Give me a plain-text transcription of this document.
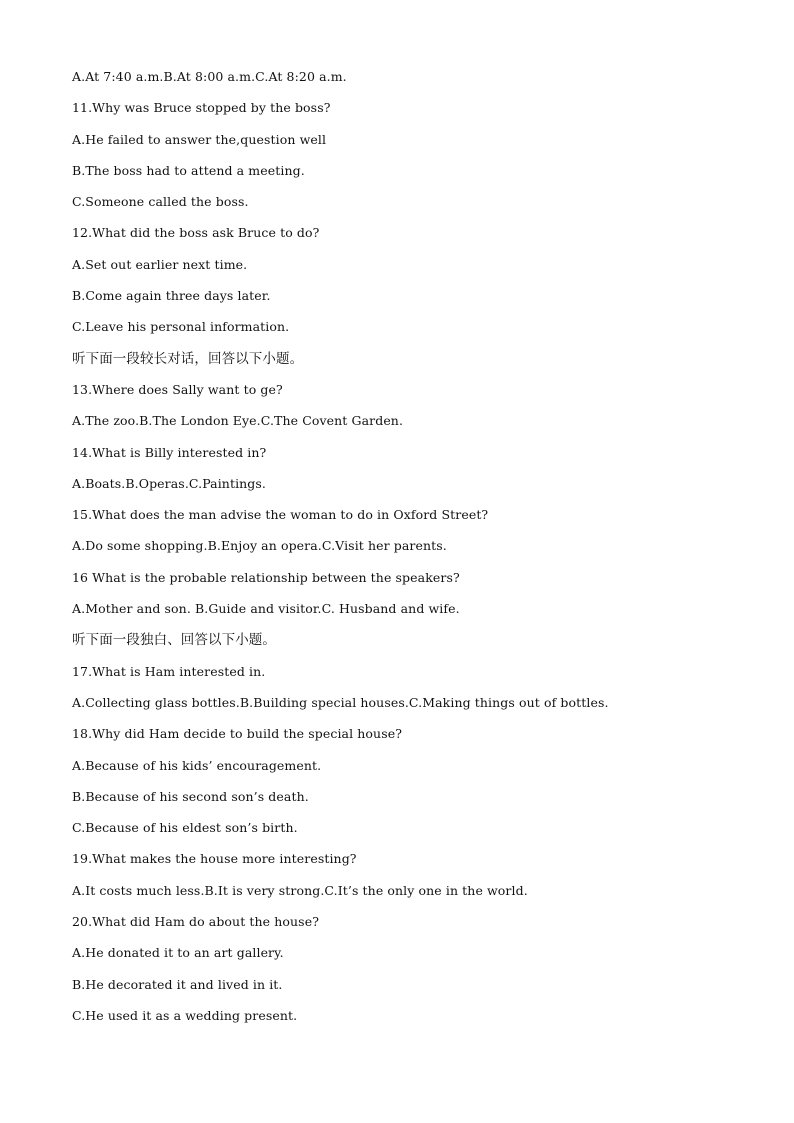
A.At 7:40 a.m.B.At 8:00 a.m.C.At 8:20 a.m.
11.Why was Bruce stopped by the boss?
A.He failed to answer the,question well
B.The boss had to attend a meeting.
C.Someone called the boss.
12.What did the boss ask Bruce to do?
A.Set out earlier next time.
B.Come again three days later.
C.Leave his personal information.
听下面一段较长对话，回答以下小题。
13.Where does Sally want to ge?
A.The zoo.B.The London Eye.C.The Covent Garden.
14.What is Billy interested in?
A.Boats.B.Operas.C.Paintings.
15.What does the man advise the woman to do in Oxford Street?
A.Do some shopping.B.Enjoy an opera.C.Visit her parents.
16 What is the probable relationship between the speakers?
A.Mother and son. B.Guide and visitor.C. Husband and wife.
听下面一段独白、回答以下小题。
17.What is Ham interested in.
A.Collecting glass bottles.B.Building special houses.C.Making things out of bottles.
18.Why did Ham decide to build the special house?
A.Because of his kids’ encouragement.
B.Because of his second son’s death.
C.Because of his eldest son’s birth.
19.What makes the house more interesting?
A.It costs much less.B.It is very strong.C.It’s the only one in the world.
20.What did Ham do about the house?
A.He donated it to an art gallery.
B.He decorated it and lived in it.
C.He used it as a wedding present.
